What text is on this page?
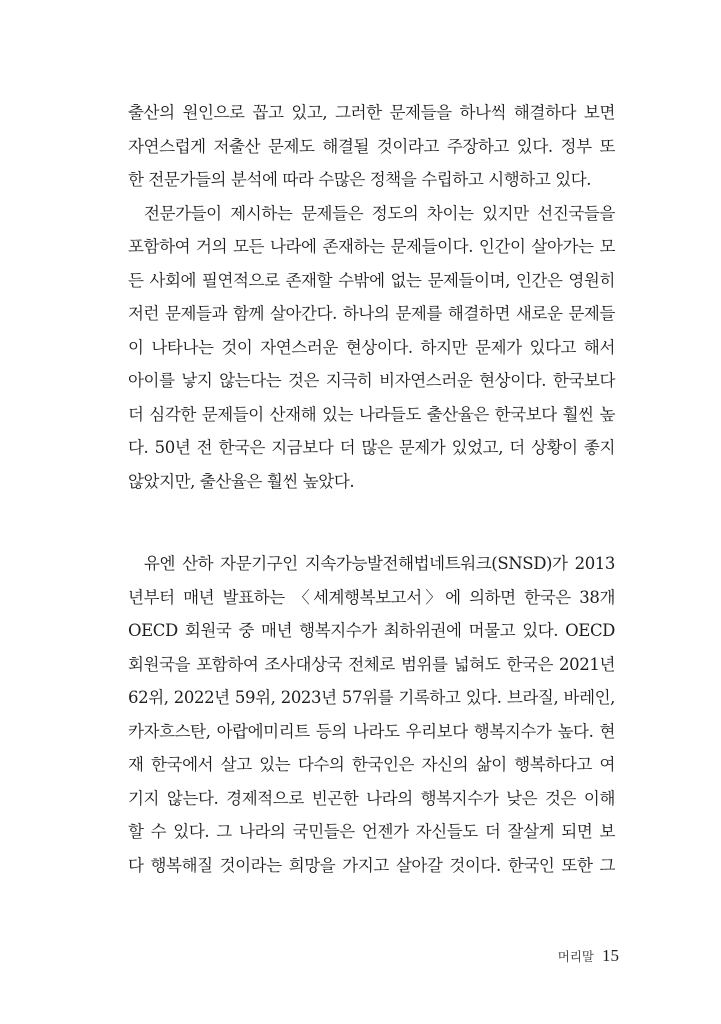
출산의 원인으로 꼽고 있고, 그러한 문제들을 하나씩 해결하다 보면
자연스럽게 저출산 문제도 해결될 것이라고 주장하고 있다. 정부 또
한 전문가들의 분석에 따라 수많은 정책을 수립하고 시행하고 있다.
전문가들이 제시하는 문제들은 정도의 차이는 있지만 선진국들을
포함하여 거의 모든 나라에 존재하는 문제들이다. 인간이 살아가는 모
든 사회에 필연적으로 존재할 수밖에 없는 문제들이며, 인간은 영원히
저런 문제들과 함께 살아간다. 하나의 문제를 해결하면 새로운 문제들
이 나타나는 것이 자연스러운 현상이다. 하지만 문제가 있다고 해서
아이를 낳지 않는다는 것은 지극히 비자연스러운 현상이다. 한국보다
더 심각한 문제들이 산재해 있는 나라들도 출산율은 한국보다 훨씬 높
다. 50년 전 한국은 지금보다 더 많은 문제가 있었고, 더 상황이 좋지
않았지만, 출산율은 훨씬 높았다.
유엔 산하 자문기구인 지속가능발전해법네트워크(SNSD)가 2013
년부터 매년 발표하는 〈세계행복보고서〉에 의하면 한국은 38개
OECD 회원국 중 매년 행복지수가 최하위권에 머물고 있다. OECD
회원국을 포함하여 조사대상국 전체로 범위를 넓혀도 한국은 2021년
62위, 2022년 59위, 2023년 57위를 기록하고 있다. 브라질, 바레인,
카자흐스탄, 아랍에미리트 등의 나라도 우리보다 행복지수가 높다. 현
재 한국에서 살고 있는 다수의 한국인은 자신의 삶이 행복하다고 여
기지 않는다. 경제적으로 빈곤한 나라의 행복지수가 낮은 것은 이해
할 수 있다. 그 나라의 국민들은 언젠가 자신들도 더 잘살게 되면 보
다 행복해질 것이라는 희망을 가지고 살아갈 것이다. 한국인 또한 그
머리말 15
